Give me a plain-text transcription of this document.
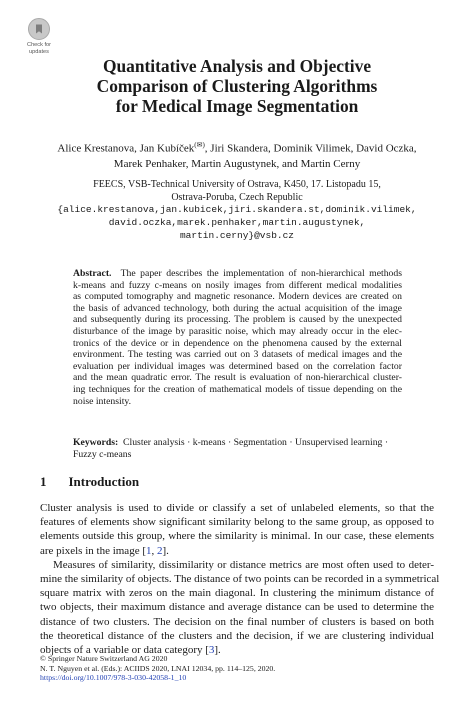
Check for
updates
Quantitative Analysis and Objective
Comparison of Clustering Algorithms
for Medical Image Segmentation
Alice Krestanova, Jan Kubíček(✉), Jiri Skandera, Dominik Vilimek, David Oczka,
Marek Penhaker, Martin Augustynek, and Martin Cerny
FEECS, VSB-Technical University of Ostrava, K450, 17. Listopadu 15,
Ostrava-Poruba, Czech Republic
{alice.krestanova,jan.kubicek,jiri.skandera.st,dominik.vilimek,
david.oczka,marek.penhaker,martin.augustynek,
martin.cerny}@vsb.cz
Abstract. The paper describes the implementation of non-hierarchical methods
k-means and fuzzy c-means on nosily images from different medical modalities
as computed tomography and magnetic resonance. Modern devices are created on
the basis of advanced technology, both during the actual acquisition of the image
and subsequently during its processing. The problem is caused by the unexpected
disturbance of the image by parasitic noise, which may already occur in the elec-
tronics of the device or in dependence on the phenomena caused by the external
environment. The testing was carried out on 3 datasets of medical images and the
evaluation per individual images was determined based on the correlation factor
and the mean quadratic error. The result is evaluation of non-hierarchical cluster-
ing techniques for the creation of mathematical models of tissue depending on the
noise intensity.
Keywords: Cluster analysis · k-means · Segmentation · Unsupervised learning ·
Fuzzy c-means
1 Introduction
Cluster analysis is used to divide or classify a set of unlabeled elements, so that the
features of elements show significant similarity belong to the same group, as opposed to
elements outside this group, where the similarity is minimal. In our case, these elements
are pixels in the image [1, 2].
Measures of similarity, dissimilarity or distance metrics are most often used to deter-
mine the similarity of objects. The distance of two points can be recorded in a symmetrical
square matrix with zeros on the main diagonal. In clustering the minimum distance of
two objects, their maximum distance and average distance can be used to determine the
distance of two clusters. The decision on the final number of clusters is based on both
the theoretical distance of the clusters and the decision, if we are clustering individual
objects of a variable or data category [3].
© Springer Nature Switzerland AG 2020
N. T. Nguyen et al. (Eds.): ACIIDS 2020, LNAI 12034, pp. 114–125, 2020.
https://doi.org/10.1007/978-3-030-42058-1_10
